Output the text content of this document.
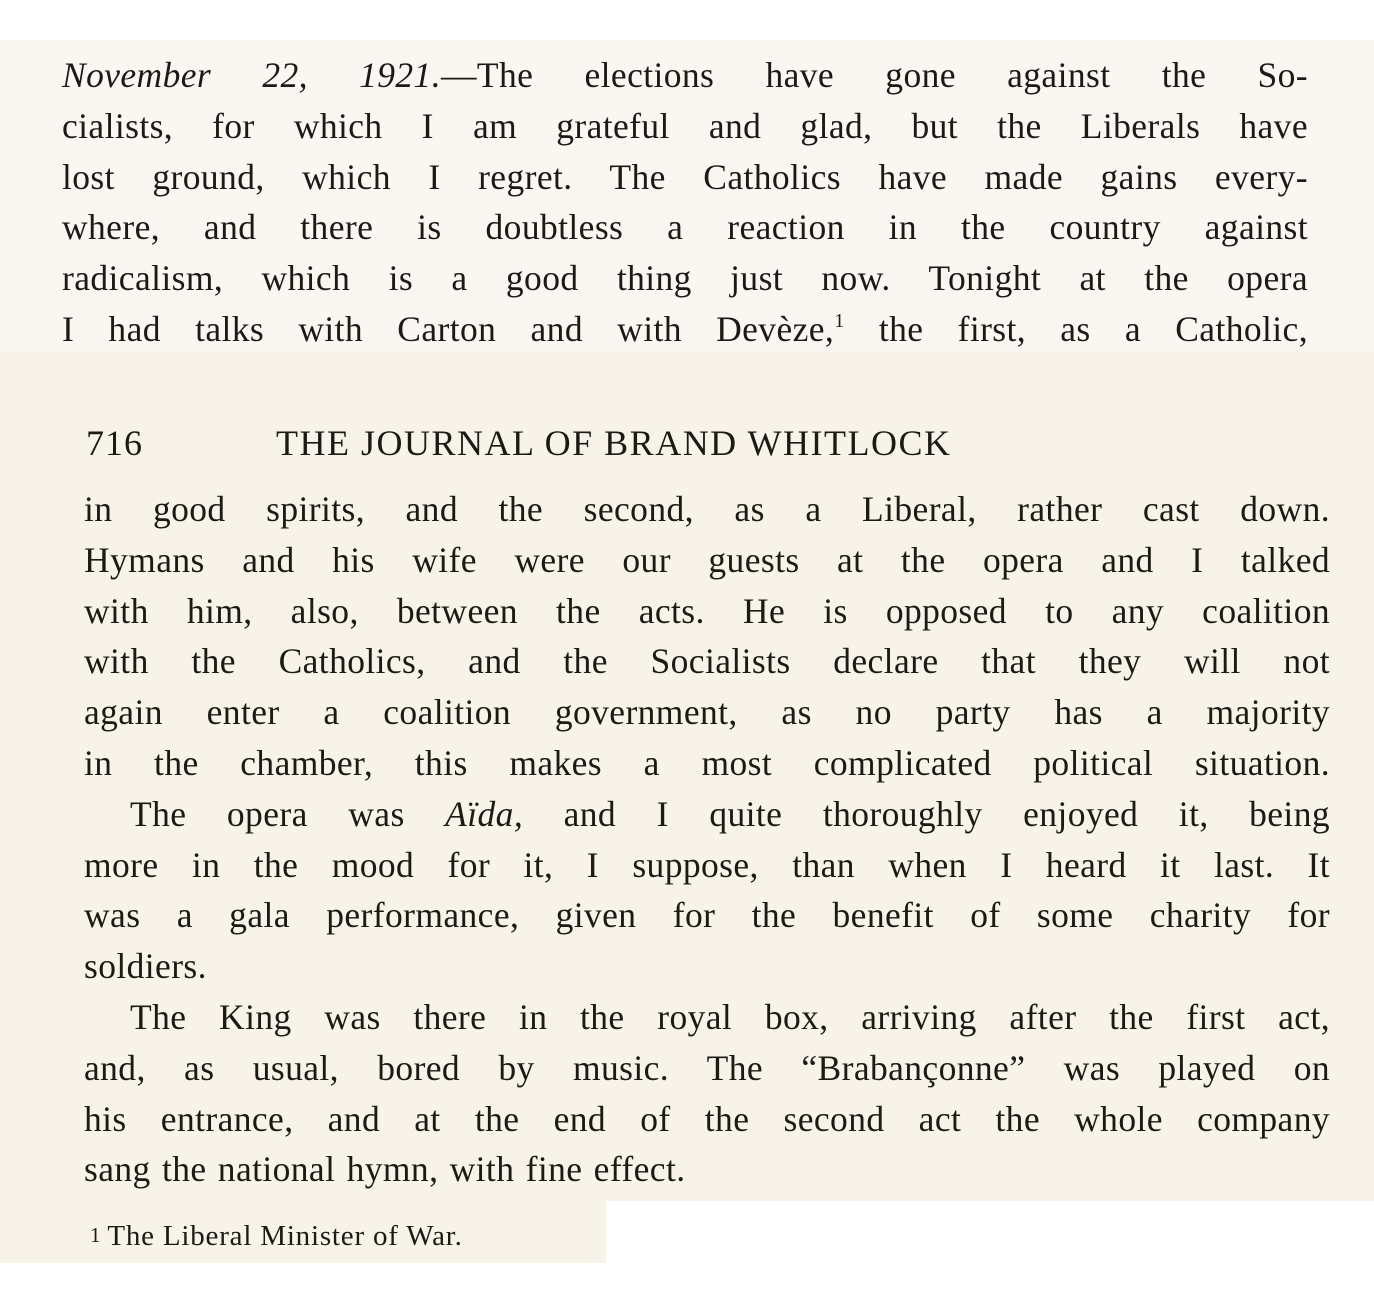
November 22, 1921.—The elections have gone against the So-
cialists, for which I am grateful and glad, but the Liberals have
lost ground, which I regret. The Catholics have made gains every-
where, and there is doubtless a reaction in the country against
radicalism, which is a good thing just now. Tonight at the opera
I had talks with Carton and with Devèze,$^1$ the first, as a Catholic,
716	THE JOURNAL OF BRAND WHITLOCK
in good spirits, and the second, as a Liberal, rather cast down.
Hymans and his wife were our guests at the opera and I talked
with him, also, between the acts. He is opposed to any coalition
with the Catholics, and the Socialists declare that they will not
again enter a coalition government, as no party has a majority
in the chamber, this makes a most complicated political situation.
The opera was Aïda, and I quite thoroughly enjoyed it, being
more in the mood for it, I suppose, than when I heard it last. It
was a gala performance, given for the benefit of some charity for
soldiers.
The King was there in the royal box, arriving after the first act,
and, as usual, bored by music. The “Brabançonne” was played on
his entrance, and at the end of the second act the whole company
sang the national hymn, with fine effect.
1 The Liberal Minister of War.
